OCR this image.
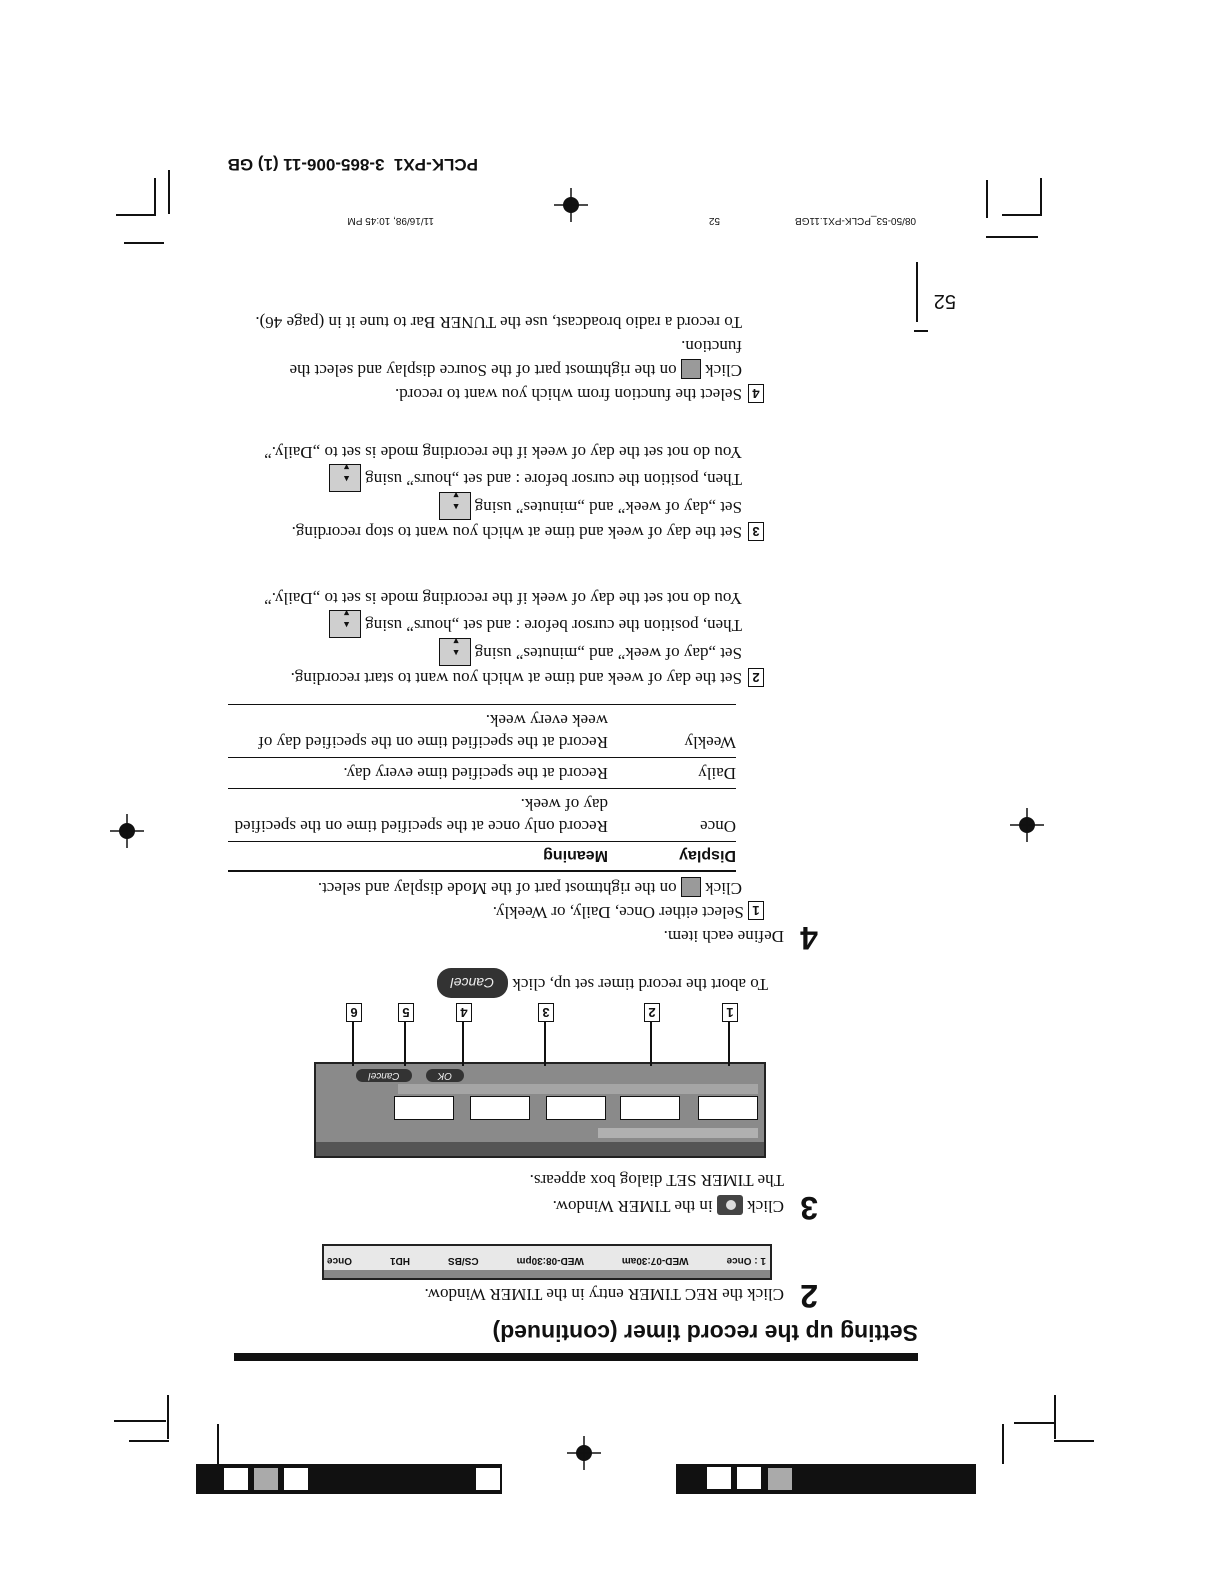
Setting up the record timer (continued)
2
Click the REC TIMER entry in the TIMER Window.
1 : Once
WED-07:30am
WED-08:30pm
CS/BS
HD1
Once
3
Click  in the TIMER Window.
The TIMER SET dialog box appears.
OK
Cancel
1
2
3
4
5
6
To abort the record timer set up, click Cancel
4
Define each item.
1 Select either Once, Daily, or Weekly.
Click  on the rightmost part of the Mode display and select.
Display	Meaning
Once	Record only once at the specified time on the specified day of week.
Daily	Record at the specified time every day.
Weekly	Record at the specified time on the specified day of week every week.
2
Set the day of week and time at which you want to start recording.
Set „day of week” and „minutes” using ▲ ▼
Then, position the cursor before : and set „hours” using ▲ ▼
You do not set the day of week if the recording mode is set to „Daily.”
3
Set the day of week and time at which you want to stop recording.
Set „day of week” and „minutes” using ▲ ▼
Then, position the cursor before : and set „hours” using ▲ ▼
You do not set the day of week if the recording mode is set to „Daily.”
4
Select the function from which you want to record.
Click  on the rightmost part of the Source display and select the function.
To record a radio broadcast, use the TUNER Bar to tune it in (page 46).
52
08/50-53_PCLK-PX1.11GB
52
11/16/98, 10:45 PM
PCLK-PX1  3-865-006-11 (1) GB
